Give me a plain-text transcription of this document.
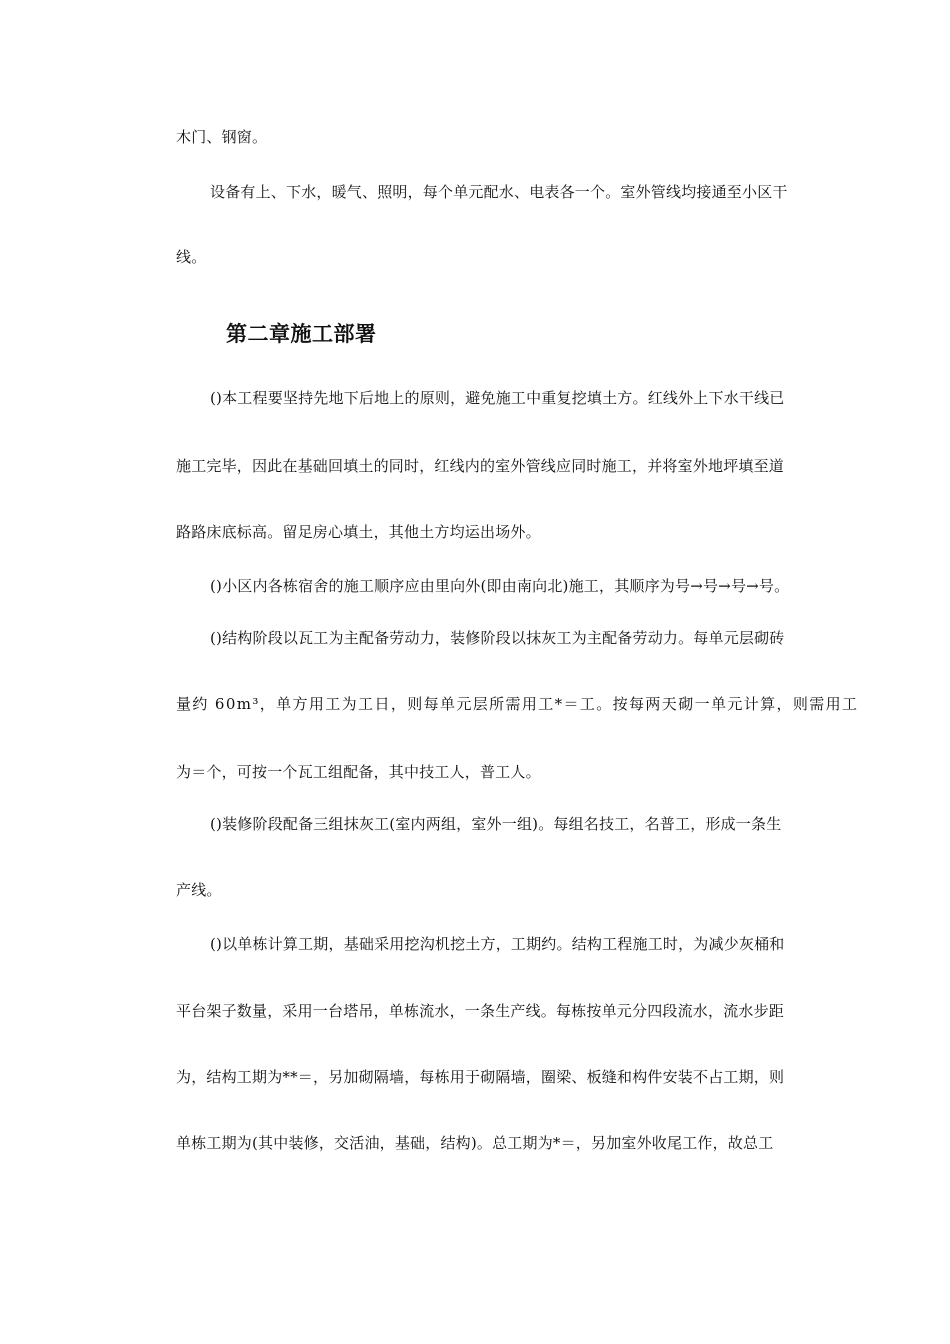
木门、钢窗。
设备有上、下水，暖气、照明，每个单元配水、电表各一个。室外管线均接通至小区干
线。
第二章施工部署
()本工程要坚持先地下后地上的原则，避免施工中重复挖填土方。红线外上下水干线已
施工完毕，因此在基础回填土的同时，红线内的室外管线应同时施工，并将室外地坪填至道
路路床底标高。留足房心填土，其他土方均运出场外。
()小区内各栋宿舍的施工顺序应由里向外(即由南向北)施工，其顺序为号→号→号→号。
()结构阶段以瓦工为主配备劳动力，装修阶段以抹灰工为主配备劳动力。每单元层砌砖
量约 60m³，单方用工为工日，则每单元层所需用工*＝工。按每两天砌一单元计算，则需用工
为＝个，可按一个瓦工组配备，其中技工人，普工人。
()装修阶段配备三组抹灰工(室内两组，室外一组)。每组名技工，名普工，形成一条生
产线。
()以单栋计算工期，基础采用挖沟机挖土方，工期约。结构工程施工时，为减少灰桶和
平台架子数量，采用一台塔吊，单栋流水，一条生产线。每栋按单元分四段流水，流水步距
为，结构工期为**＝，另加砌隔墙，每栋用于砌隔墙，圈梁、板缝和构件安装不占工期，则
单栋工期为(其中装修，交活油，基础，结构)。总工期为*＝，另加室外收尾工作，故总工
